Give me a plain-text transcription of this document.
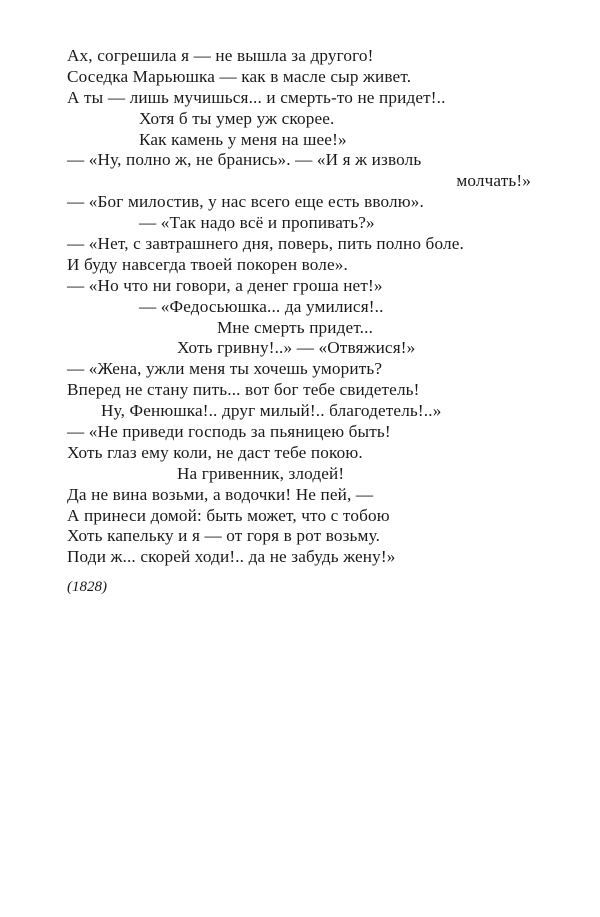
Ах, согрешила я — не вышла за другого!
Соседка Марьюшка — как в масле сыр живет.
А ты — лишь мучишься... и смерть-то не придет!..
Хотя б ты умер уж скорее.
Как камень у меня на шее!»
— «Ну, полно ж, не бранись». — «И я ж изволь
молчать!»
— «Бог милостив, у нас всего еще есть вволю».
— «Так надо всё и пропивать?»
— «Нет, с завтрашнего дня, поверь, пить полно боле.
И буду навсегда твоей покорен воле».
— «Но что ни говори, а денег гроша нет!»
— «Федосьюшка... да умилися!..
Мне смерть придет...
Хоть гривну!..» — «Отвяжися!»
— «Жена, ужли меня ты хочешь уморить?
Вперед не стану пить... вот бог тебе свидетель!
Ну, Фенюшка!.. друг милый!.. благодетель!..»
— «Не приведи господь за пьяницею быть!
Хоть глаз ему коли, не даст тебе покою.
На гривенник, злодей!
Да не вина возьми, а водочки! Не пей, —
А принеси домой: быть может, что с тобою
Хоть капельку и я — от горя в рот возьму.
Поди ж... скорей ходи!.. да не забудь жену!»
(1828)
